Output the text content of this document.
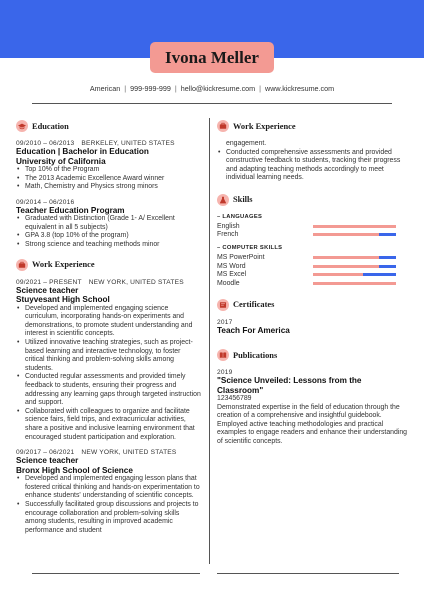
Ivona Meller
American | 999-999-999 | hello@kickresume.com | www.kickresume.com
Education
09/2010 – 06/2013 BERKELEY, UNITED STATES
Education | Bachelor in Education
University of California
• Top 10% of the Program
• The 2013 Academic Excellence Award winner
• Math, Chemistry and Physics strong minors
09/2014 – 06/2016
Teacher Education Program
• Graduated with Distinction (Grade 1- A/ Excellent equivalent in all 5 subjects)
• GPA 3.8 (top 10% of the program)
• Strong science and teaching methods minor
Work Experience
09/2021 – PRESENT NEW YORK, UNITED STATES
Science teacher
Stuyvesant High School
• Developed and implemented engaging science curriculum, incorporating hands-on experiments and demonstrations, to promote student understanding and interest in scientific concepts.
• Utilized innovative teaching strategies, such as project-based learning and interactive technology, to foster critical thinking and problem-solving skills among students.
• Conducted regular assessments and provided timely feedback to students, ensuring their progress and addressing any learning gaps through targeted instruction and support.
• Collaborated with colleagues to organize and facilitate science fairs, field trips, and extracurricular activities, share a positive and inclusive learning environment that encouraged student participation and exploration.
09/2017 – 06/2021 NEW YORK, UNITED STATES
Science teacher
Bronx High School of Science
• Developed and implemented engaging lesson plans that fostered critical thinking and hands-on experimentation to enhance students' understanding of scientific concepts.
• Successfully facilitated group discussions and projects to encourage collaboration and problem-solving skills among students, resulting in improved academic performance and student
Work Experience
engagement.
• Conducted comprehensive assessments and provided constructive feedback to students, tracking their progress and adapting teaching methods accordingly to meet individual learning needs.
Skills
– LANGUAGES
English
French
– COMPUTER SKILLS
MS PowerPoint
MS Word
MS Excel
Moodle
Certificates
2017
Teach For America
Publications
2019
"Science Unveiled: Lessons from the Classroom"
123456789
Demonstrated expertise in the field of education through the creation of a comprehensive and insightful guidebook. Employed active teaching methodologies and practical examples to engage readers and enhance their understanding of scientific concepts.
